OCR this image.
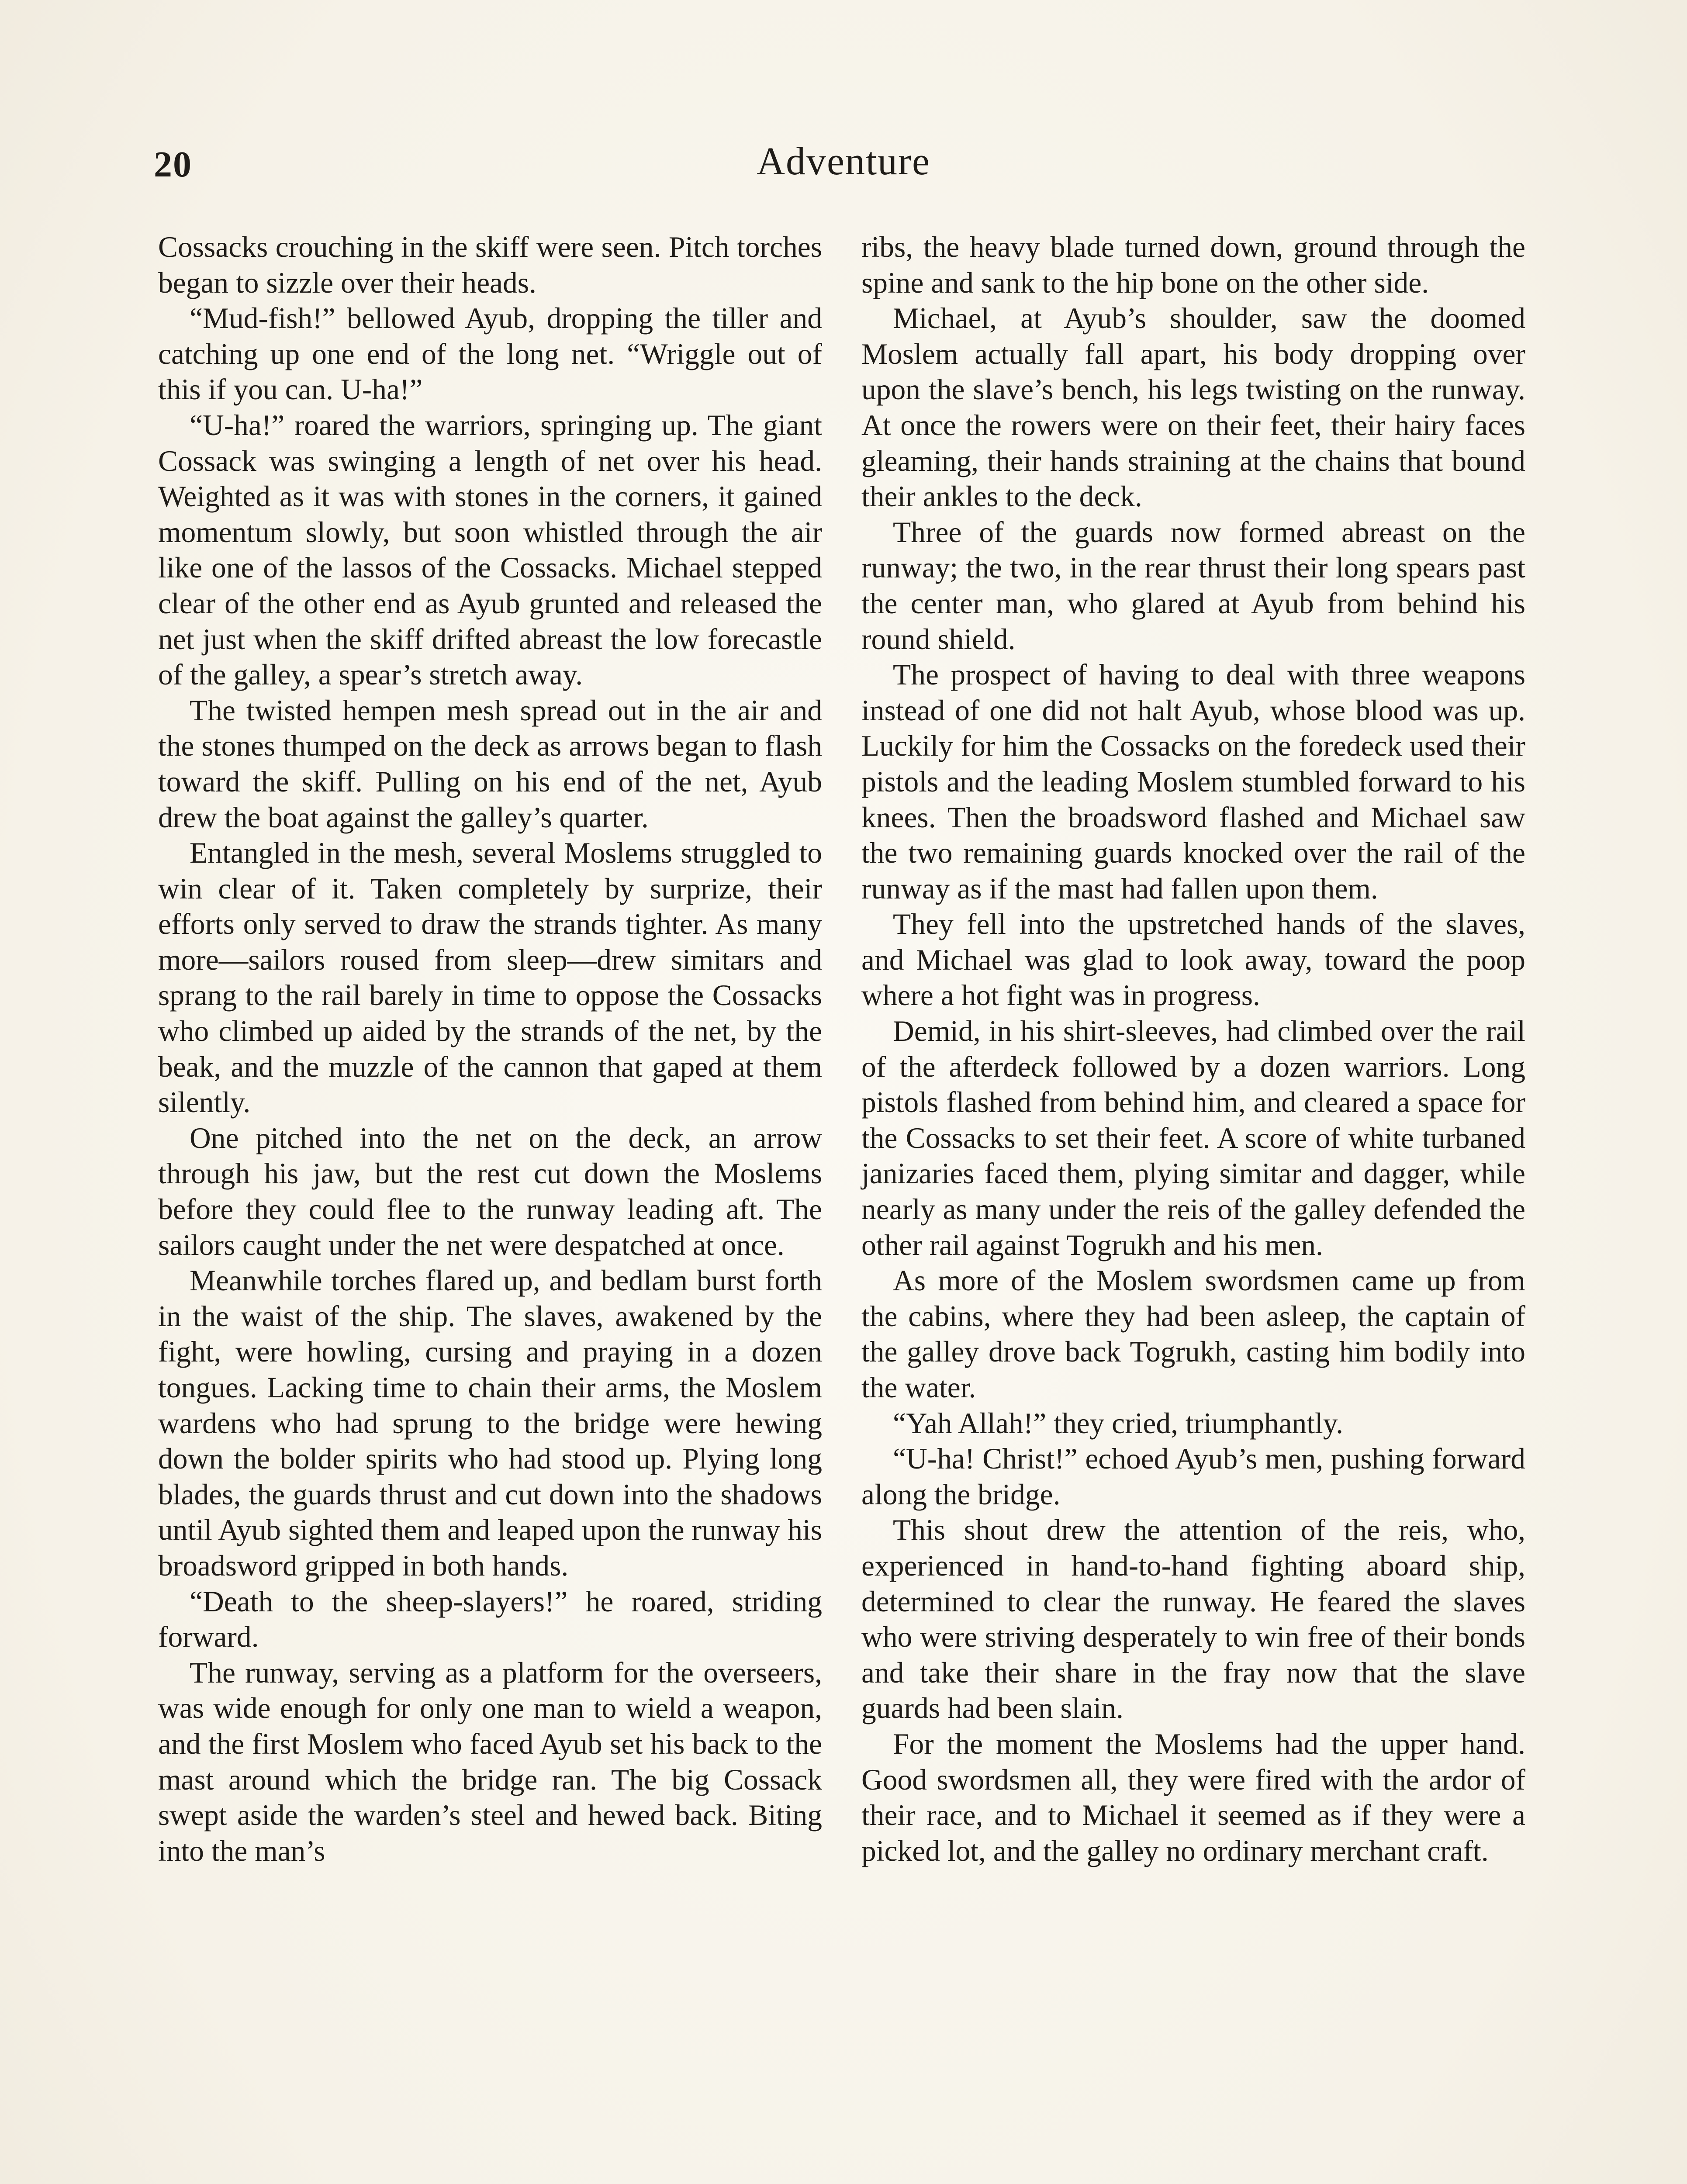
20	Adventure

Cossacks crouching in the skiff were seen. Pitch torches began to sizzle over their heads.

“Mud-fish!” bellowed Ayub, dropping the tiller and catching up one end of the long net. “Wriggle out of this if you can. U-ha!”

“U-ha!” roared the warriors, springing up. The giant Cossack was swinging a length of net over his head. Weighted as it was with stones in the corners, it gained momentum slowly, but soon whistled through the air like one of the lassos of the Cossacks. Michael stepped clear of the other end as Ayub grunted and released the net just when the skiff drifted abreast the low forecastle of the galley, a spear’s stretch away.

The twisted hempen mesh spread out in the air and the stones thumped on the deck as arrows began to flash toward the skiff. Pulling on his end of the net, Ayub drew the boat against the galley’s quarter.

Entangled in the mesh, several Moslems struggled to win clear of it. Taken completely by surprize, their efforts only served to draw the strands tighter. As many more—sailors roused from sleep—drew simitars and sprang to the rail barely in time to oppose the Cossacks who climbed up aided by the strands of the net, by the beak, and the muzzle of the cannon that gaped at them silently.

One pitched into the net on the deck, an arrow through his jaw, but the rest cut down the Moslems before they could flee to the runway leading aft. The sailors caught under the net were despatched at once.

Meanwhile torches flared up, and bedlam burst forth in the waist of the ship. The slaves, awakened by the fight, were howling, cursing and praying in a dozen tongues. Lacking time to chain their arms, the Moslem wardens who had sprung to the bridge were hewing down the bolder spirits who had stood up. Plying long blades, the guards thrust and cut down into the shadows until Ayub sighted them and leaped upon the runway his broadsword gripped in both hands.

“Death to the sheep-slayers!” he roared, striding forward.

The runway, serving as a platform for the overseers, was wide enough for only one man to wield a weapon, and the first Moslem who faced Ayub set his back to the mast around which the bridge ran. The big Cossack swept aside the warden’s steel and hewed back. Biting into the man’s

ribs, the heavy blade turned down, ground through the spine and sank to the hip bone on the other side.

Michael, at Ayub’s shoulder, saw the doomed Moslem actually fall apart, his body dropping over upon the slave’s bench, his legs twisting on the runway. At once the rowers were on their feet, their hairy faces gleaming, their hands straining at the chains that bound their ankles to the deck.

Three of the guards now formed abreast on the runway; the two, in the rear thrust their long spears past the center man, who glared at Ayub from behind his round shield.

The prospect of having to deal with three weapons instead of one did not halt Ayub, whose blood was up. Luckily for him the Cossacks on the foredeck used their pistols and the leading Moslem stumbled forward to his knees. Then the broadsword flashed and Michael saw the two remaining guards knocked over the rail of the runway as if the mast had fallen upon them.

They fell into the upstretched hands of the slaves, and Michael was glad to look away, toward the poop where a hot fight was in progress.

Demid, in his shirt-sleeves, had climbed over the rail of the afterdeck followed by a dozen warriors. Long pistols flashed from behind him, and cleared a space for the Cossacks to set their feet. A score of white turbaned janizaries faced them, plying simitar and dagger, while nearly as many under the reis of the galley defended the other rail against Togrukh and his men.

As more of the Moslem swordsmen came up from the cabins, where they had been asleep, the captain of the galley drove back Togrukh, casting him bodily into the water.

“Yah Allah!” they cried, triumphantly.

“U-ha! Christ!” echoed Ayub’s men, pushing forward along the bridge.

This shout drew the attention of the reis, who, experienced in hand-to-hand fighting aboard ship, determined to clear the runway. He feared the slaves who were striving desperately to win free of their bonds and take their share in the fray now that the slave guards had been slain.

For the moment the Moslems had the upper hand. Good swordsmen all, they were fired with the ardor of their race, and to Michael it seemed as if they were a picked lot, and the galley no ordinary merchant craft.
